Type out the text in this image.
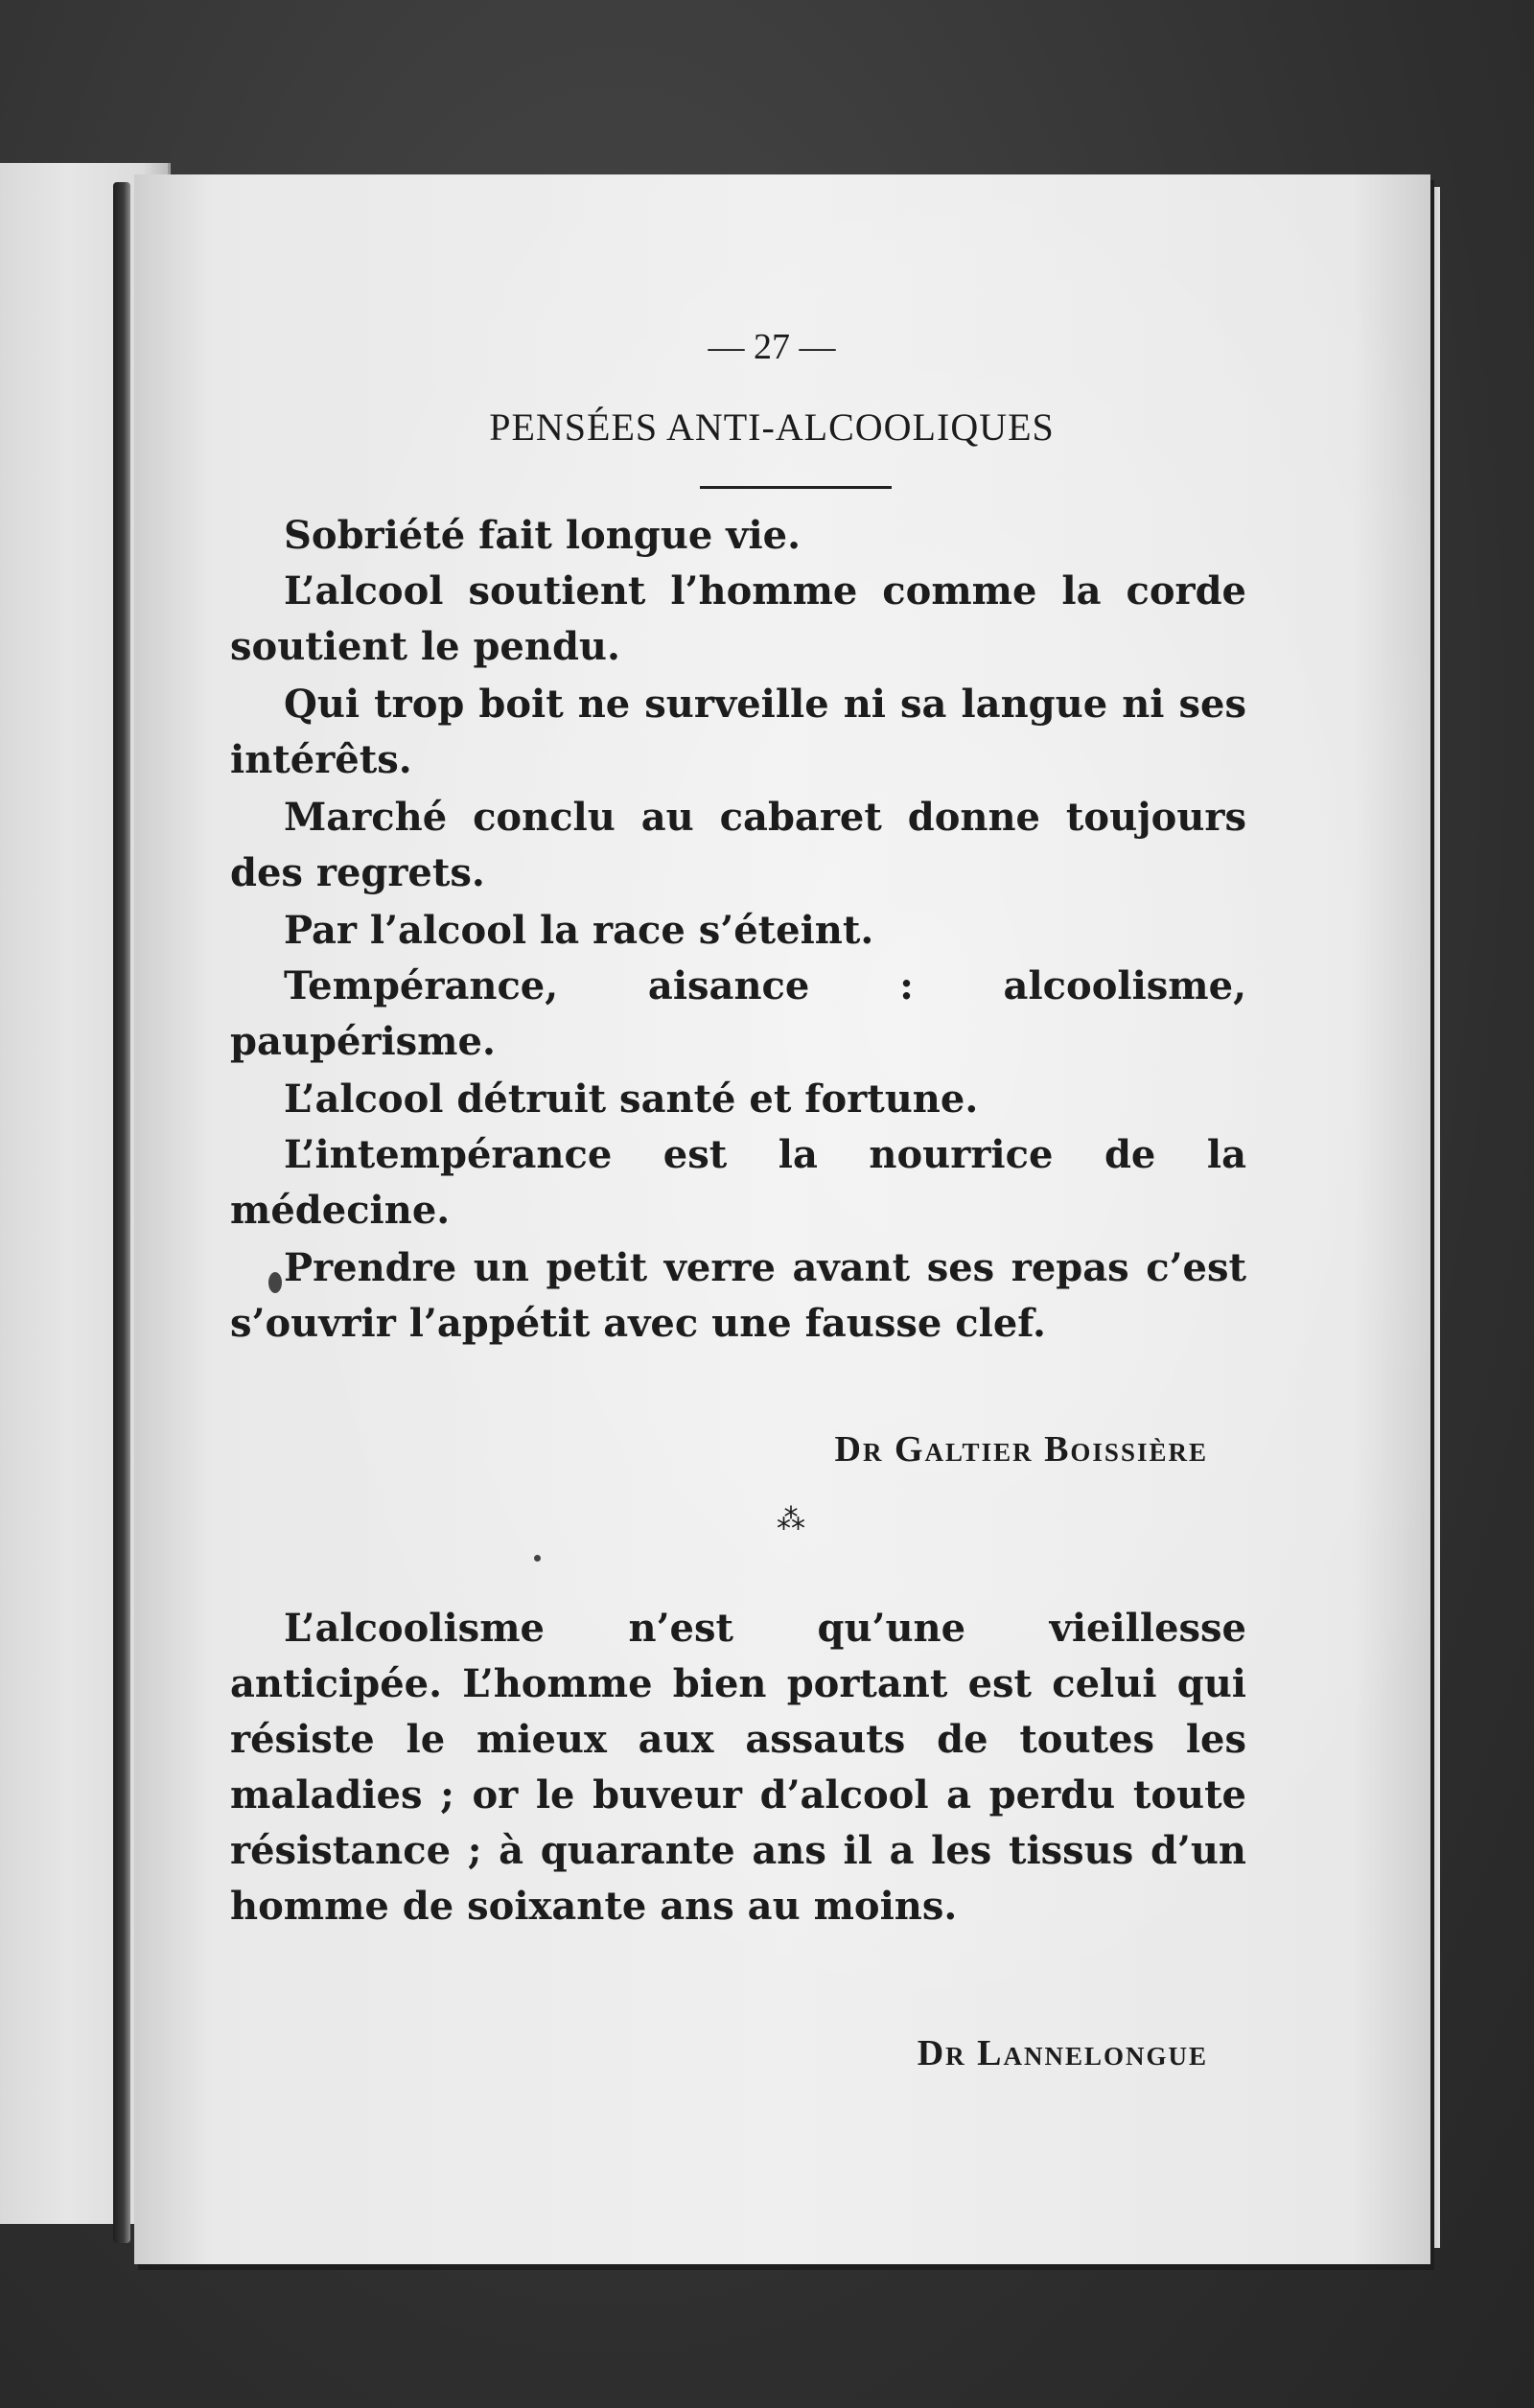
— 27 —
PENSÉES ANTI-ALCOOLIQUES

Sobriété fait longue vie.

L’alcool soutient l’homme comme la corde soutient le pendu.

Qui trop boit ne surveille ni sa langue ni ses intérêts.

Marché conclu au cabaret donne toujours des regrets.

Par l’alcool la race s’éteint.

Tempérance, aisance : alcoolisme, paupérisme.

L’alcool détruit santé et fortune.

L’intempérance est la nourrice de la médecine.

Prendre un petit verre avant ses repas c’est s’ouvrir l’appétit avec une fausse clef.

Dr Galtier Boissière
⁂

L’alcoolisme n’est qu’une vieillesse anticipée. L’homme bien portant est celui qui résiste le mieux aux assauts de toutes les maladies ; or le buveur d’alcool a perdu toute résistance ; à quarante ans il a les tissus d’un homme de soixante ans au moins.

Dr Lannelongue
